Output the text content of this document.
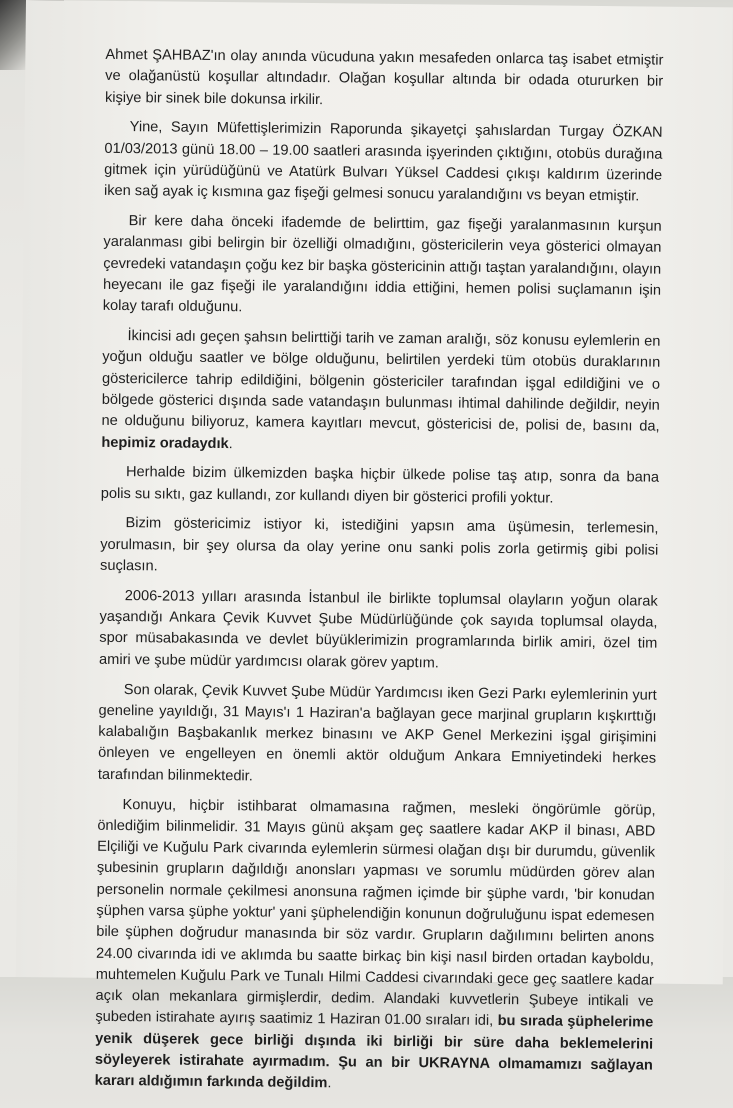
Ahmet ŞAHBAZ'ın olay anında vücuduna yakın mesafeden onlarca taş isabet etmiştir ve olağanüstü koşullar altındadır. Olağan koşullar altında bir odada otururken bir kişiye bir sinek bile dokunsa irkilir.

Yine, Sayın Müfettişlerimizin Raporunda şikayetçi şahıslardan Turgay ÖZKAN 01/03/2013 günü 18.00 – 19.00 saatleri arasında işyerinden çıktığını, otobüs durağına gitmek için yürüdüğünü ve Atatürk Bulvarı Yüksel Caddesi çıkışı kaldırım üzerinde iken sağ ayak iç kısmına gaz fişeği gelmesi sonucu yaralandığını vs beyan etmiştir.

Bir kere daha önceki ifademde de belirttim, gaz fişeği yaralanmasının kurşun yaralanması gibi belirgin bir özelliği olmadığını, göstericilerin veya gösterici olmayan çevredeki vatandaşın çoğu kez bir başka göstericinin attığı taştan yaralandığını, olayın heyecanı ile gaz fişeği ile yaralandığını iddia ettiğini, hemen polisi suçlamanın işin kolay tarafı olduğunu.

İkincisi adı geçen şahsın belirttiği tarih ve zaman aralığı, söz konusu eylemlerin en yoğun olduğu saatler ve bölge olduğunu, belirtilen yerdeki tüm otobüs duraklarının göstericilerce tahrip edildiğini, bölgenin göstericiler tarafından işgal edildiğini ve o bölgede gösterici dışında sade vatandaşın bulunması ihtimal dahilinde değildir, neyin ne olduğunu biliyoruz, kamera kayıtları mevcut, göstericisi de, polisi de, basını da, hepimiz oradaydık.

Herhalde bizim ülkemizden başka hiçbir ülkede polise taş atıp, sonra da bana polis su sıktı, gaz kullandı, zor kullandı diyen bir gösterici profili yoktur.

Bizim göstericimiz istiyor ki, istediğini yapsın ama üşümesin, terlemesin, yorulmasın, bir şey olursa da olay yerine onu sanki polis zorla getirmiş gibi polisi suçlasın.

2006-2013 yılları arasında İstanbul ile birlikte toplumsal olayların yoğun olarak yaşandığı Ankara Çevik Kuvvet Şube Müdürlüğünde çok sayıda toplumsal olayda, spor müsabakasında ve devlet büyüklerimizin programlarında birlik amiri, özel tim amiri ve şube müdür yardımcısı olarak görev yaptım.

Son olarak, Çevik Kuvvet Şube Müdür Yardımcısı iken Gezi Parkı eylemlerinin yurt geneline yayıldığı, 31 Mayıs'ı 1 Haziran'a bağlayan gece marjinal grupların kışkırttığı kalabalığın Başbakanlık merkez binasını ve AKP Genel Merkezini işgal girişimini önleyen ve engelleyen en önemli aktör olduğum Ankara Emniyetindeki herkes tarafından bilinmektedir.

Konuyu, hiçbir istihbarat olmamasına rağmen, mesleki öngörümle görüp, önlediğim bilinmelidir. 31 Mayıs günü akşam geç saatlere kadar AKP il binası, ABD Elçiliği ve Kuğulu Park civarında eylemlerin sürmesi olağan dışı bir durumdu, güvenlik şubesinin grupların dağıldığı anonsları yapması ve sorumlu müdürden görev alan personelin normale çekilmesi anonsuna rağmen içimde bir şüphe vardı, 'bir konudan şüphen varsa şüphe yoktur' yani şüphelendiğin konunun doğruluğunu ispat edemesen bile şüphen doğrudur manasında bir söz vardır. Grupların dağılımını belirten anons 24.00 civarında idi ve aklımda bu saatte birkaç bin kişi nasıl birden ortadan kayboldu, muhtemelen Kuğulu Park ve Tunalı Hilmi Caddesi civarındaki gece geç saatlere kadar açık olan mekanlara girmişlerdir, dedim. Alandaki kuvvetlerin Şubeye intikali ve şubeden istirahate ayırış saatimiz 1 Haziran 01.00 sıraları idi, bu sırada şüphelerime yenik düşerek gece birliği dışında iki birliği bir süre daha beklemelerini söyleyerek istirahate ayırmadım. Şu an bir UKRAYNA olmamamızı sağlayan kararı aldığımın farkında değildim.
